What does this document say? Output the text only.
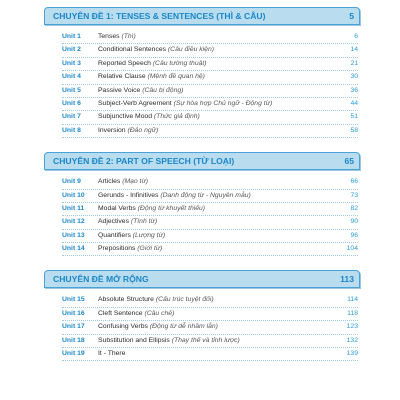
CHUYÊN ĐỀ 1: TENSES & SENTENCES (THÌ & CÂU)	5
Unit 1	Tenses (Thì)	6
Unit 2	Conditional Sentences (Câu điều kiện)	14
Unit 3	Reported Speech (Câu tường thuật)	21
Unit 4	Relative Clause (Mệnh đề quan hệ)	30
Unit 5	Passive Voice (Câu bị động)	36
Unit 6	Subject-Verb Agreement (Sự hòa hợp Chủ ngữ - Động từ)	44
Unit 7	Subjunctive Mood (Thức giả định)	51
Unit 8	Inversion (Đảo ngữ)	58
CHUYÊN ĐỀ 2: PART OF SPEECH (TỪ LOẠI)	65
Unit 9	Articles (Mạo từ)	66
Unit 10	Gerunds - Infinitives (Danh động từ - Nguyên mẫu)	73
Unit 11	Modal Verbs (Động từ khuyết thiếu)	82
Unit 12	Adjectives (Tính từ)	90
Unit 13	Quantifiers (Lượng từ)	96
Unit 14	Prepositions (Giới từ)	104
CHUYÊN ĐỀ MỞ RỘNG	113
Unit 15	Absolute Structure (Cấu trúc tuyệt đối)	114
Unit 16	Cleft Sentence (Câu chẻ)	118
Unit 17	Confusing Verbs (Động từ dễ nhầm lẫn)	123
Unit 18	Substitution and Ellipsis (Thay thế và tỉnh lược)	132
Unit 19	It - There	139
